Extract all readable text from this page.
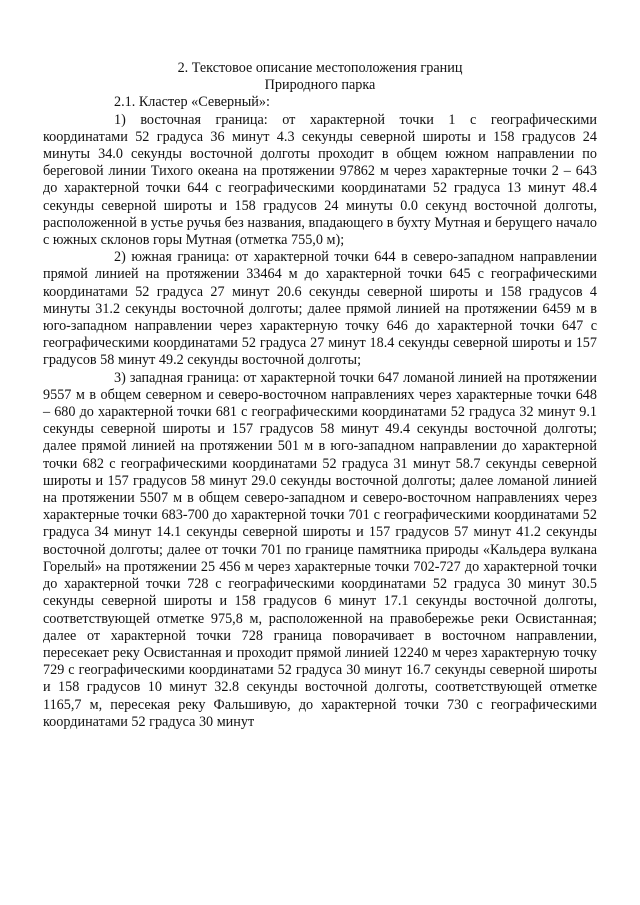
2. Текстовое описание местоположения границ
Природного парка

2.1. Кластер «Северный»:

1) восточная граница: от характерной точки 1 с географическими координатами 52 градуса 36 минут 4.3 секунды северной широты и 158 градусов 24 минуты 34.0 секунды восточной долготы проходит в общем южном направлении по береговой линии Тихого океана на протяжении 97862 м через характерные точки 2 – 643 до характерной точки 644 с географическими координатами 52 градуса 13 минут 48.4 секунды северной широты и 158 градусов 24 минуты 0.0 секунд восточной долготы, расположенной в устье ручья без названия, впадающего в бухту Мутная и берущего начало с южных склонов горы Мутная (отметка 755,0 м);

2) южная граница: от характерной точки 644 в северо-западном направлении прямой линией на протяжении 33464 м до характерной точки 645 с географическими координатами 52 градуса 27 минут 20.6 секунды северной широты и 158 градусов 4 минуты 31.2 секунды восточной долготы; далее прямой линией на протяжении 6459 м в юго-западном направлении через характерную точку 646 до характерной точки 647 с географическими координатами 52 градуса 27 минут 18.4 секунды северной широты и 157 градусов 58 минут 49.2 секунды восточной долготы;

3) западная граница: от характерной точки 647 ломаной линией на протяжении 9557 м в общем северном и северо-восточном направлениях через характерные точки 648 – 680 до характерной точки 681 с географическими координатами 52 градуса 32 минут 9.1 секунды северной широты и 157 градусов 58 минут 49.4 секунды восточной долготы; далее прямой линией на протяжении 501 м в юго-западном направлении до характерной точки 682 с географическими координатами 52 градуса 31 минут 58.7 секунды северной широты и 157 градусов 58 минут 29.0 секунды восточной долготы; далее ломаной линией на протяжении 5507 м в общем северо-западном и северо-восточном направлениях через характерные точки 683-700 до характерной точки 701 с географическими координатами 52 градуса 34 минут 14.1 секунды северной широты и 157 градусов 57 минут 41.2 секунды восточной долготы; далее от точки 701 по границе памятника природы «Кальдера вулкана Горелый» на протяжении 25 456 м через характерные точки 702-727 до характерной точки до характерной точки 728 с географическими координатами 52 градуса 30 минут 30.5 секунды северной широты и 158 градусов 6 минут 17.1 секунды восточной долготы, соответствующей отметке 975,8 м, расположенной на правобережье реки Освистанная; далее от характерной точки 728 граница поворачивает в восточном направлении, пересекает реку Освистанная и проходит прямой линией 12240 м через характерную точку 729 с географическими координатами 52 градуса 30 минут 16.7 секунды северной широты и 158 градусов 10 минут 32.8 секунды восточной долготы, соответствующей отметке 1165,7 м, пересекая реку Фальшивую, до характерной точки 730 с географическими координатами 52 градуса 30 минут
